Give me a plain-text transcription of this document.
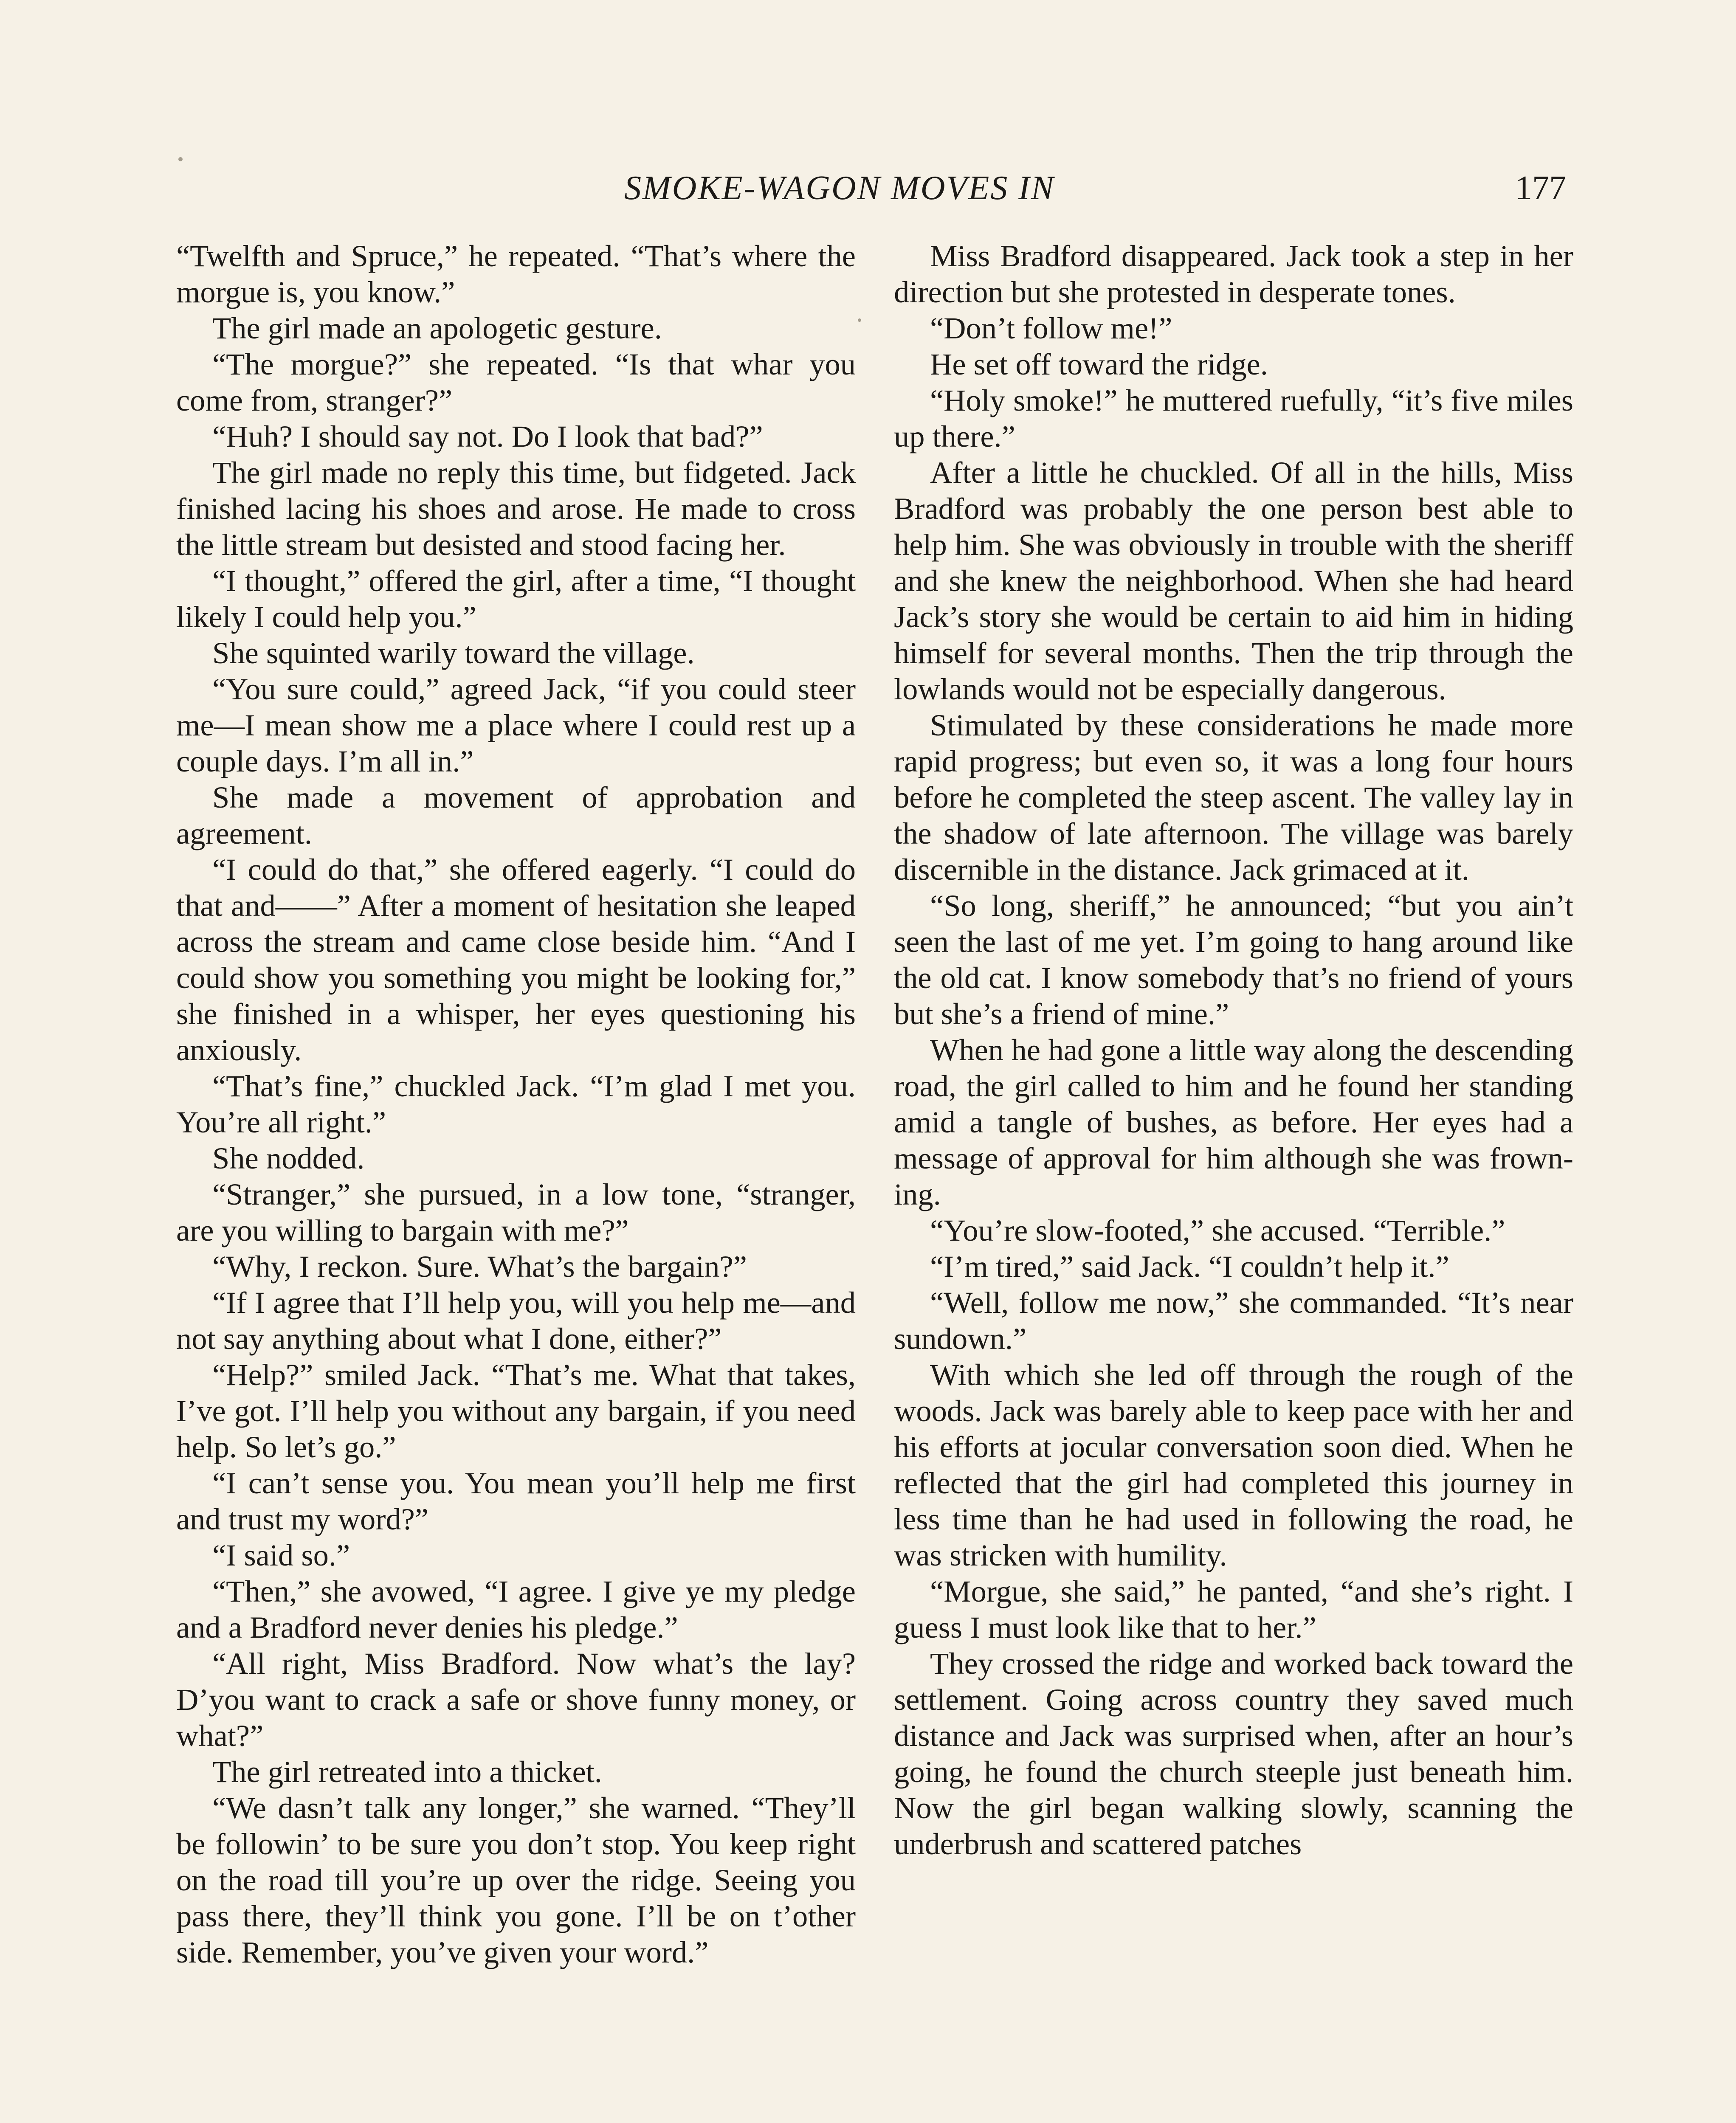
SMOKE-WAGON MOVES IN	177

“Twelfth and Spruce,” he repeated. “That’s where the morgue is, you know.”

The girl made an apologetic gesture.

“The morgue?” she repeated. “Is that whar you come from, stranger?”

“Huh? I should say not. Do I look that bad?”

The girl made no reply this time, but fidgeted. Jack finished lacing his shoes and arose. He made to cross the little stream but desisted and stood facing her.

“I thought,” offered the girl, after a time, “I thought likely I could help you.”

She squinted warily toward the village.

“You sure could,” agreed Jack, “if you could steer me—I mean show me a place where I could rest up a couple days. I’m all in.”

She made a movement of approbation and agreement.

“I could do that,” she offered eagerly. “I could do that and——” After a moment of hesitation she leaped across the stream and came close beside him. “And I could show you something you might be looking for,” she finished in a whisper, her eyes questioning his anxiously.

“That’s fine,” chuckled Jack. “I’m glad I met you. You’re all right.”

She nodded.

“Stranger,” she pursued, in a low tone, “stranger, are you willing to bargain with me?”

“Why, I reckon. Sure. What’s the bargain?”

“If I agree that I’ll help you, will you help me—and not say anything about what I done, either?”

“Help?” smiled Jack. “That’s me. What that takes, I’ve got. I’ll help you without any bargain, if you need help. So let’s go.”

“I can’t sense you. You mean you’ll help me first and trust my word?”

“I said so.”

“Then,” she avowed, “I agree. I give ye my pledge and a Bradford never denies his pledge.”

“All right, Miss Bradford. Now what’s the lay? D’you want to crack a safe or shove funny money, or what?”

The girl retreated into a thicket.

“We dasn’t talk any longer,” she warned. “They’ll be followin’ to be sure you don’t stop. You keep right on the road till you’re up over the ridge. Seeing you pass there, they’ll think you gone. I’ll be on t’other side. Remember, you’ve given your word.”

Miss Bradford disappeared. Jack took a step in her direction but she protested in desperate tones.

“Don’t follow me!”

He set off toward the ridge.

“Holy smoke!” he muttered ruefully, “it’s five miles up there.”

After a little he chuckled. Of all in the hills, Miss Bradford was probably the one person best able to help him. She was obviously in trouble with the sheriff and she knew the neighborhood. When she had heard Jack’s story she would be certain to aid him in hiding himself for several months. Then the trip through the lowlands would not be especially dangerous.

Stimulated by these considerations he made more rapid progress; but even so, it was a long four hours before he completed the steep ascent. The valley lay in the shadow of late afternoon. The village was barely discernible in the distance. Jack grimaced at it.

“So long, sheriff,” he announced; “but you ain’t seen the last of me yet. I’m going to hang around like the old cat. I know somebody that’s no friend of yours but she’s a friend of mine.”

When he had gone a little way along the descending road, the girl called to him and he found her standing amid a tangle of bushes, as before. Her eyes had a message of approval for him although she was frowning.

“You’re slow-footed,” she accused. “Terrible.”

“I’m tired,” said Jack. “I couldn’t help it.”

“Well, follow me now,” she commanded. “It’s near sundown.”

With which she led off through the rough of the woods. Jack was barely able to keep pace with her and his efforts at jocular conversation soon died. When he reflected that the girl had completed this journey in less time than he had used in following the road, he was stricken with humility.

“Morgue, she said,” he panted, “and she’s right. I guess I must look like that to her.”

They crossed the ridge and worked back toward the settlement. Going across country they saved much distance and Jack was surprised when, after an hour’s going, he found the church steeple just beneath him. Now the girl began walking slowly, scanning the underbrush and scattered patches
